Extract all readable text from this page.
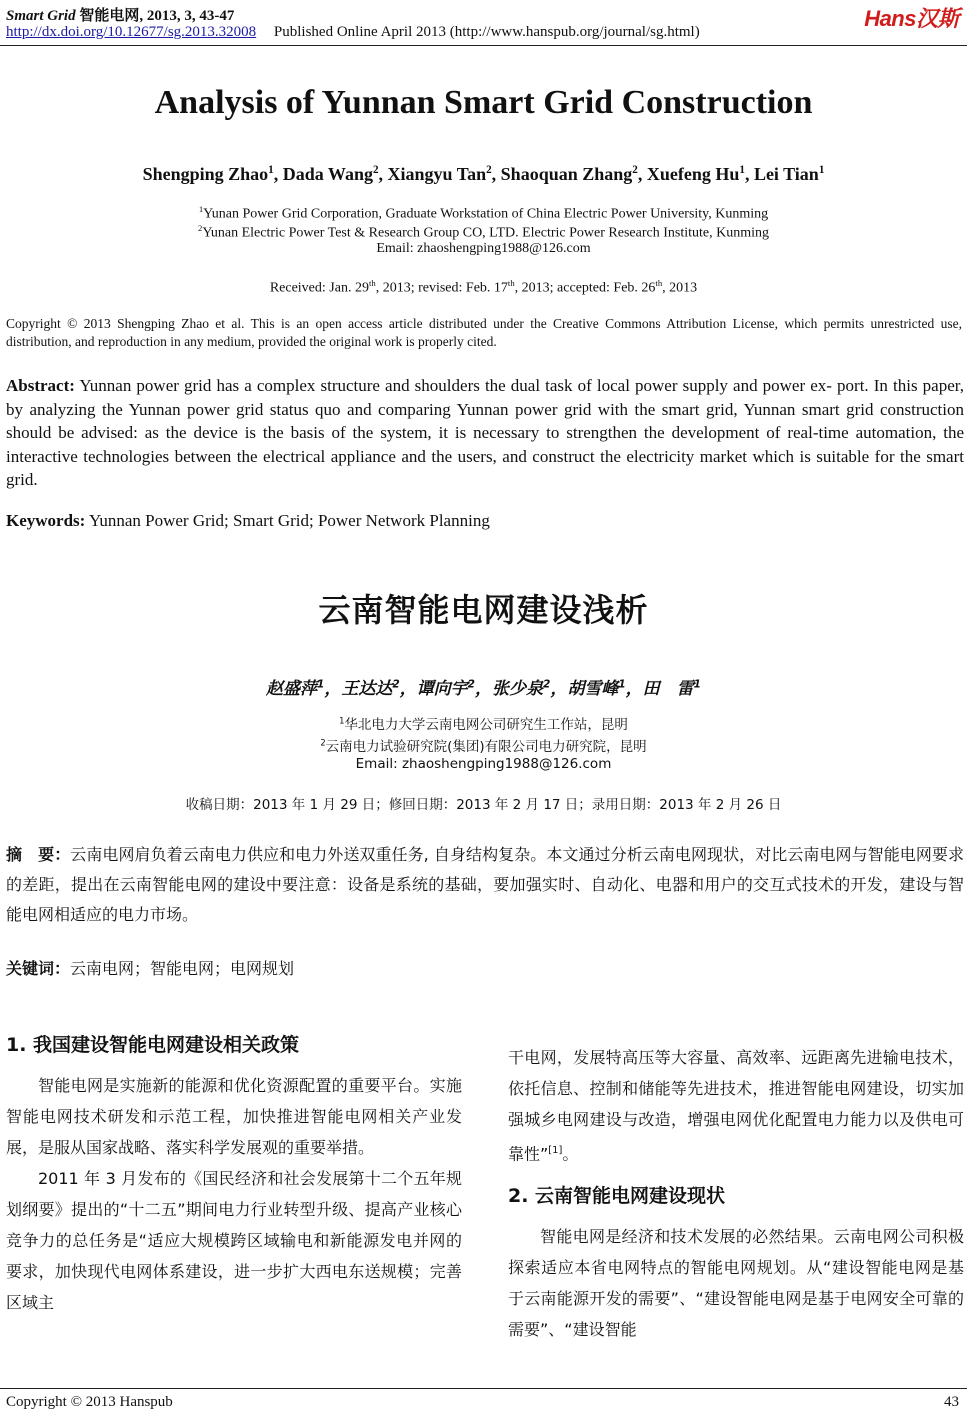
Smart Grid 智能电网, 2013, 3, 43-47
http://dx.doi.org/10.12677/sg.2013.32008 Published Online April 2013 (http://www.hanspub.org/journal/sg.html)
Hans汉斯
Analysis of Yunnan Smart Grid Construction
Shengping Zhao$^1$, Dada Wang$^2$, Xiangyu Tan$^2$, Shaoquan Zhang$^2$, Xuefeng Hu$^1$, Lei Tian$^1$
$^1$Yunan Power Grid Corporation, Graduate Workstation of China Electric Power University, Kunming
$^2$Yunan Electric Power Test & Research Group CO, LTD. Electric Power Research Institute, Kunming
Email: zhaoshengping1988@126.com
Received: Jan. 29th, 2013; revised: Feb. 17th, 2013; accepted: Feb. 26th, 2013
Copyright © 2013 Shengping Zhao et al. This is an open access article distributed under the Creative Commons Attribution License, which permits unrestricted use, distribution, and reproduction in any medium, provided the original work is properly cited.
Abstract: Yunnan power grid has a complex structure and shoulders the dual task of local power supply and power ex- port. In this paper, by analyzing the Yunnan power grid status quo and comparing Yunnan power grid with the smart grid, Yunnan smart grid construction should be advised: as the device is the basis of the system, it is necessary to strengthen the development of real-time automation, the interactive technologies between the electrical appliance and the users, and construct the electricity market which is suitable for the smart grid.
Keywords: Yunnan Power Grid; Smart Grid; Power Network Planning
云南智能电网建设浅析
赵盛萍$^1$，王达达$^2$，谭向宇$^2$，张少泉$^2$，胡雪峰$^1$，田　雷$^1$
$^1$华北电力大学云南电网公司研究生工作站，昆明
$^2$云南电力试验研究院(集团)有限公司电力研究院，昆明
Email: zhaoshengping1988@126.com
收稿日期：2013 年 1 月 29 日；修回日期：2013 年 2 月 17 日；录用日期：2013 年 2 月 26 日
摘　要：云南电网肩负着云南电力供应和电力外送双重任务, 自身结构复杂。本文通过分析云南电网现状，对比云南电网与智能电网要求的差距，提出在云南智能电网的建设中要注意：设备是系统的基础，要加强实时、自动化、电器和用户的交互式技术的开发，建设与智能电网相适应的电力市场。
关键词：云南电网；智能电网；电网规划
1. 我国建设智能电网建设相关政策

智能电网是实施新的能源和优化资源配置的重要平台。实施智能电网技术研发和示范工程，加快推进智能电网相关产业发展，是服从国家战略、落实科学发展观的重要举措。

2011 年 3 月发布的《国民经济和社会发展第十二个五年规划纲要》提出的“十二五”期间电力行业转型升级、提高产业核心竞争力的总任务是“适应大规模跨区域输电和新能源发电并网的要求，加快现代电网体系建设，进一步扩大西电东送规模；完善区域主

干电网，发展特高压等大容量、高效率、远距离先进输电技术，依托信息、控制和储能等先进技术，推进智能电网建设，切实加强城乡电网建设与改造，增强电网优化配置电力能力以及供电可靠性”[1]。

2. 云南智能电网建设现状

智能电网是经济和技术发展的必然结果。云南电网公司积极探索适应本省电网特点的智能电网规划。从“建设智能电网是基于云南能源开发的需要”、“建设智能电网是基于电网安全可靠的需要”、“建设智能

Copyright © 2013 Hanspub	43
